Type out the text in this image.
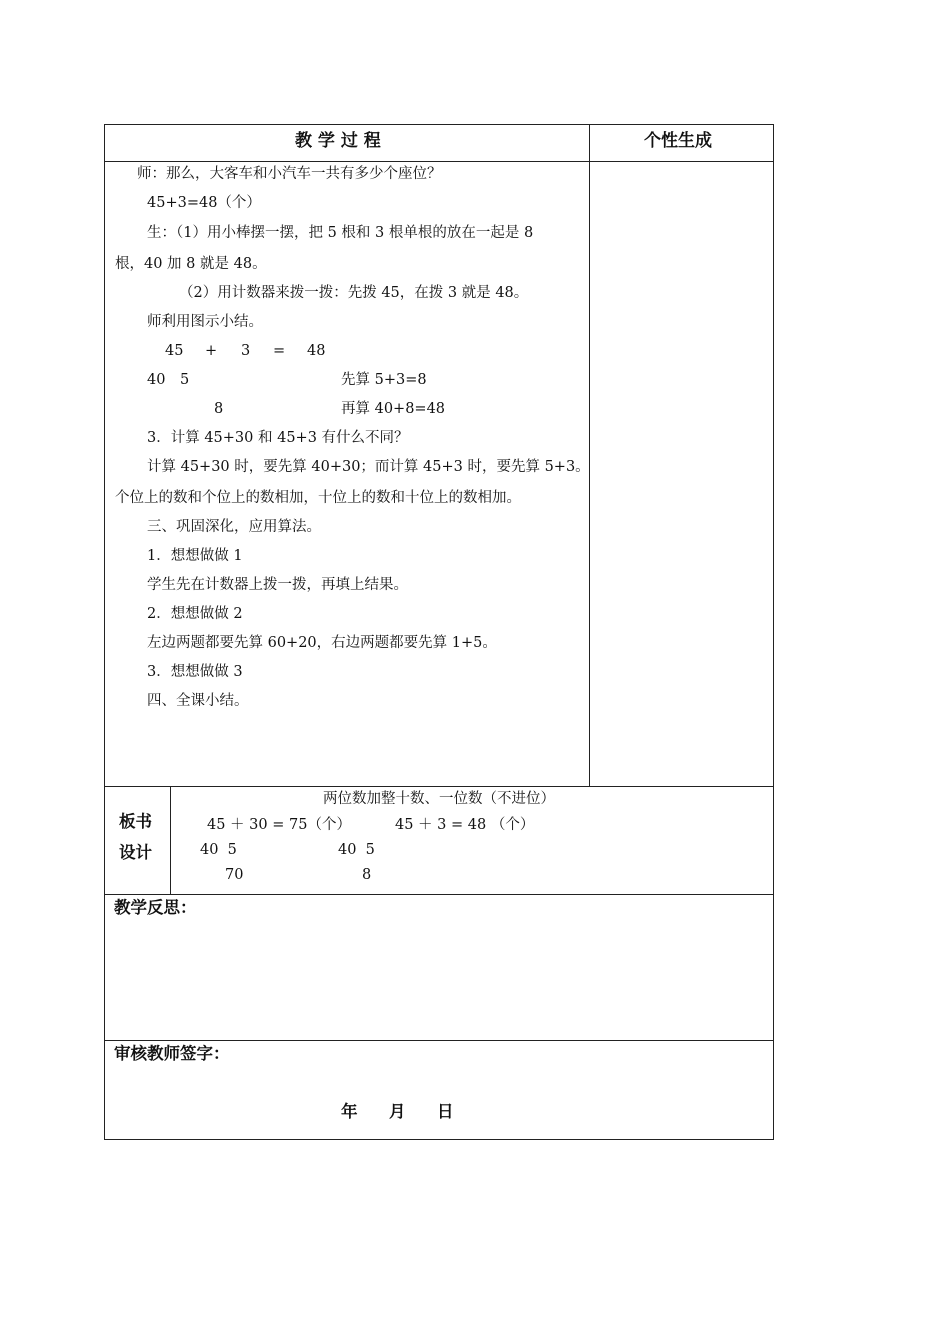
教 学 过 程	个性生成
师：那么，大客车和小汽车一共有多少个座位？
45+3=48（个）
生：（1）用小棒摆一摆，把 5 根和 3 根单根的放在一起是 8
根，40 加 8 就是 48。
（2）用计数器来拨一拨：先拨 45，在拨 3 就是 48。
师利用图示小结。
45 + 3 = 48
40 5	先算 5+3=8
8	再算 40+8=48
3．计算 45+30 和 45+3 有什么不同？
计算 45+30 时，要先算 40+30；而计算 45+3 时，要先算 5+3。
个位上的数和个位上的数相加，十位上的数和十位上的数相加。
三、巩固深化，应用算法。
1．想想做做 1
学生先在计数器上拨一拨，再填上结果。
2．想想做做 2
左边两题都要先算 60+20，右边两题都要先算 1+5。
3．想想做做 3
四、全课小结。
板书
设计
两位数加整十数、一位数（不进位）
45 ＋ 30 = 75（个）	45 ＋ 3 = 48 （个）
40  5	40  5
70	8
教学反思：
审核教师签字：
年 月 日
